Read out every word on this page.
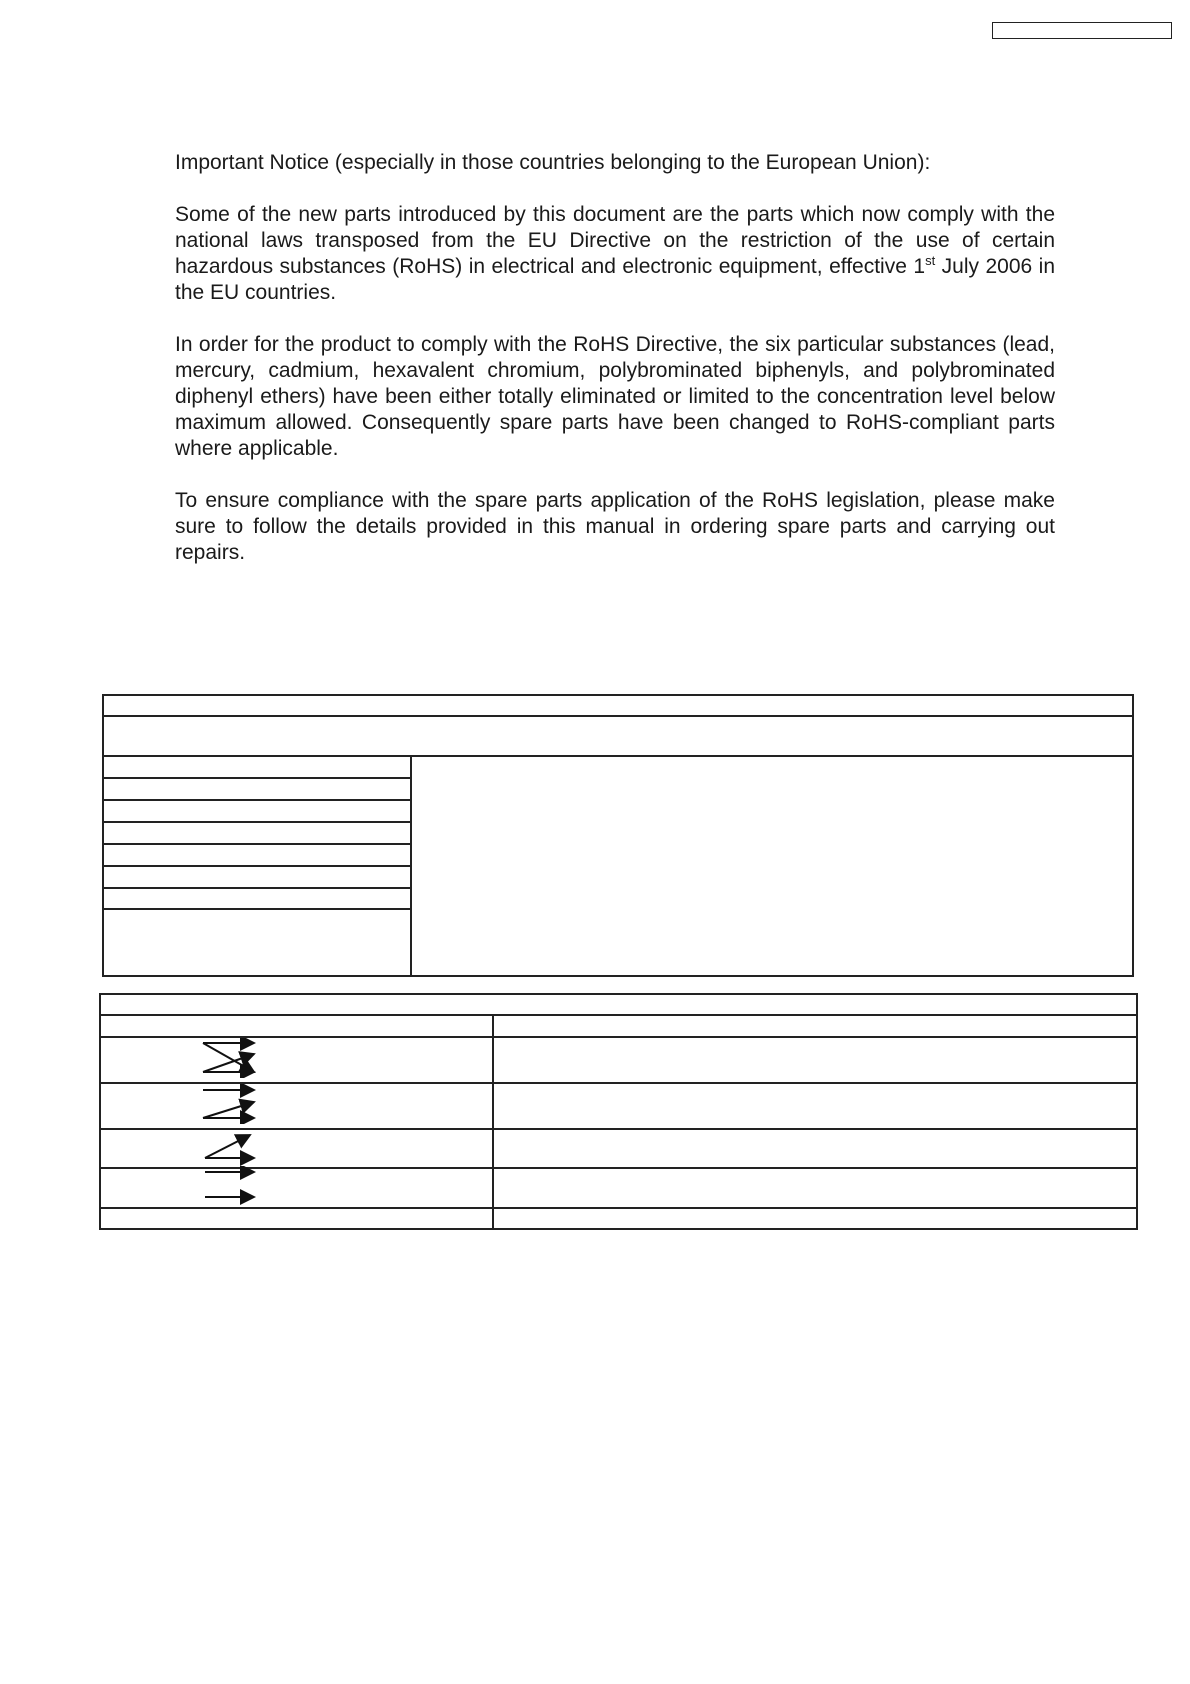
Important Notice (especially in those countries belonging to the European Union):

Some of the new parts introduced by this document are the parts which now comply with the national laws transposed from the EU Directive on the restriction of the use of certain hazardous substances (RoHS) in electrical and electronic equipment, effective 1st July 2006 in the EU countries.

In order for the product to comply with the RoHS Directive, the six particular substances (lead, mercury, cadmium, hexavalent chromium, polybrominated biphenyls, and polybrominated diphenyl ethers) have been either totally eliminated or limited to the concentration level below maximum allowed. Consequently spare parts have been changed to RoHS-compliant parts where applicable.

To ensure compliance with the spare parts application of the RoHS legislation, please make sure to follow the details provided in this manual in ordering spare parts and carrying out repairs.
